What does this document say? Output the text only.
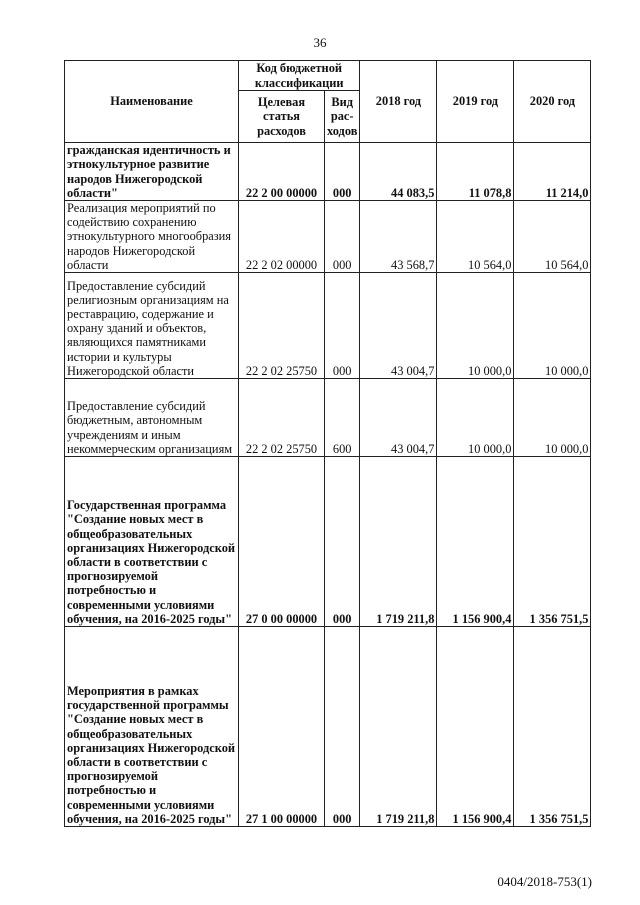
36
Наименование	Код бюджетной классификации		2018 год	2019 год	2020 год
	Целевая статья расходов	Вид рас-ходов			
гражданская идентичность и этнокультурное развитие народов Нижегородской области"	22 2 00 00000	000	44 083,5	11 078,8	11 214,0
Реализация мероприятий по содействию сохранению этнокультурного многообразия народов Нижегородской области	22 2 02 00000	000	43 568,7	10 564,0	10 564,0
Предоставление субсидий религиозным организациям на реставрацию, содержание и охрану зданий и объектов, являющихся памятниками истории и культуры Нижегородской области	22 2 02 25750	000	43 004,7	10 000,0	10 000,0
Предоставление субсидий бюджетным, автономным учреждениям и иным некоммерческим организациям	22 2 02 25750	600	43 004,7	10 000,0	10 000,0
Государственная программа "Создание новых мест в общеобразовательных организациях Нижегородской области в соответствии с прогнозируемой потребностью и современными условиями обучения, на 2016-2025 годы"	27 0 00 00000	000	1 719 211,8	1 156 900,4	1 356 751,5
Мероприятия в рамках государственной программы "Создание новых мест в общеобразовательных организациях Нижегородской области в соответствии с прогнозируемой потребностью и современными условиями обучения, на 2016-2025 годы"	27 1 00 00000	000	1 719 211,8	1 156 900,4	1 356 751,5
0404/2018-753(1)
